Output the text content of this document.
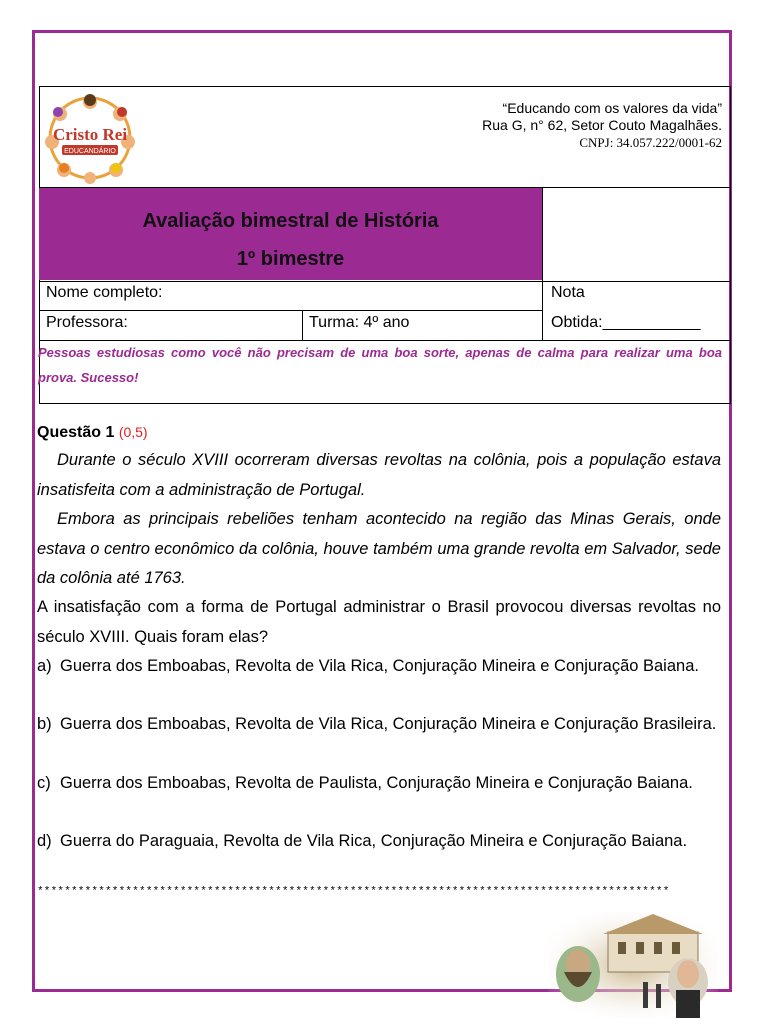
Cristo Rei
EDUCANDÁRIO
“Educando com os valores da vida”
Rua G, n° 62, Setor Couto Magalhães.
CNPJ: 34.057.222/0001-62
Avaliação bimestral de História
1º bimestre
Nome completo:
Professora:	Turma: 4º ano
Nota
Obtida:___________
Pessoas estudiosas como você não precisam de uma boa sorte, apenas de calma para realizar uma boa prova. Sucesso!
Questão 1 (0,5)
Durante o século XVIII ocorreram diversas revoltas na colônia, pois a população estava insatisfeita com a administração de Portugal.
Embora as principais rebeliões tenham acontecido na região das Minas Gerais, onde estava o centro econômico da colônia, houve também uma grande revolta em Salvador, sede da colônia até 1763.
A insatisfação com a forma de Portugal administrar o Brasil provocou diversas revoltas no século XVIII. Quais foram elas?
a) Guerra dos Emboabas, Revolta de Vila Rica, Conjuração Mineira e Conjuração Baiana.
b) Guerra dos Emboabas, Revolta de Vila Rica, Conjuração Mineira e Conjuração Brasileira.
c) Guerra dos Emboabas, Revolta de Paulista, Conjuração Mineira e Conjuração Baiana.
d) Guerra do Paraguaia, Revolta de Vila Rica, Conjuração Mineira e Conjuração Baiana.
*********************************************************************************************
